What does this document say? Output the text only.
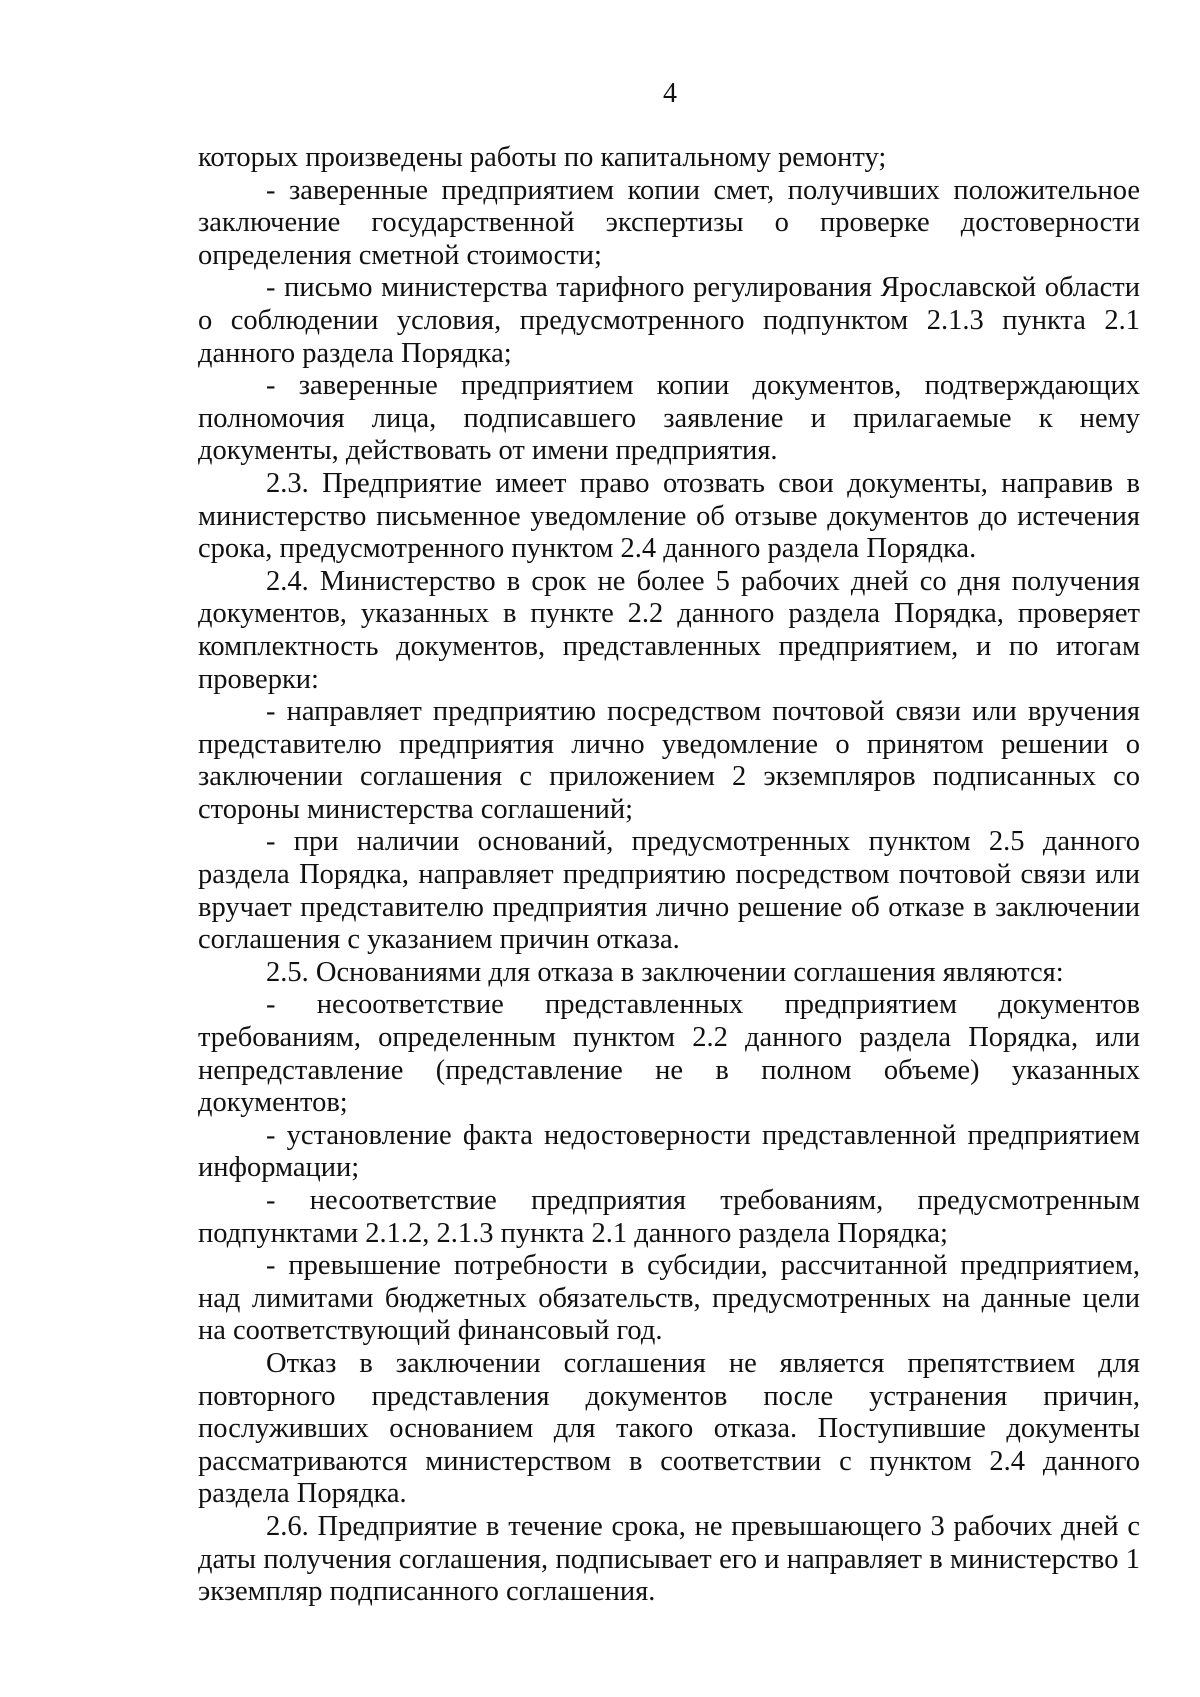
4

которых произведены работы по капитальному ремонту;

- заверенные предприятием копии смет, получивших положительное заключение государственной экспертизы о проверке достоверности определения сметной стоимости;

- письмо министерства тарифного регулирования Ярославской области о соблюдении условия, предусмотренного подпунктом 2.1.3 пункта 2.1 данного раздела Порядка;

- заверенные предприятием копии документов, подтверждающих полномочия лица, подписавшего заявление и прилагаемые к нему документы, действовать от имени предприятия.

2.3. Предприятие имеет право отозвать свои документы, направив в министерство письменное уведомление об отзыве документов до истечения срока, предусмотренного пунктом 2.4 данного раздела Порядка.

2.4. Министерство в срок не более 5 рабочих дней со дня получения документов, указанных в пункте 2.2 данного раздела Порядка, проверяет комплектность документов, представленных предприятием, и по итогам проверки:

- направляет предприятию посредством почтовой связи или вручения представителю предприятия лично уведомление о принятом решении о заключении соглашения с приложением 2 экземпляров подписанных со стороны министерства соглашений;

- при наличии оснований, предусмотренных пунктом 2.5 данного раздела Порядка, направляет предприятию посредством почтовой связи или вручает представителю предприятия лично решение об отказе в заключении соглашения с указанием причин отказа.

2.5. Основаниями для отказа в заключении соглашения являются:

- несоответствие представленных предприятием документов требованиям, определенным пунктом 2.2 данного раздела Порядка, или непредставление (представление не в полном объеме) указанных документов;

- установление факта недостоверности представленной предприятием информации;

- несоответствие предприятия требованиям, предусмотренным подпунктами 2.1.2, 2.1.3 пункта 2.1 данного раздела Порядка;

- превышение потребности в субсидии, рассчитанной предприятием, над лимитами бюджетных обязательств, предусмотренных на данные цели на соответствующий финансовый год.

Отказ в заключении соглашения не является препятствием для повторного представления документов после устранения причин, послуживших основанием для такого отказа. Поступившие документы рассматриваются министерством в соответствии с пунктом 2.4 данного раздела Порядка.

2.6. Предприятие в течение срока, не превышающего 3 рабочих дней с даты получения соглашения, подписывает его и направляет в министерство 1 экземпляр подписанного соглашения.
